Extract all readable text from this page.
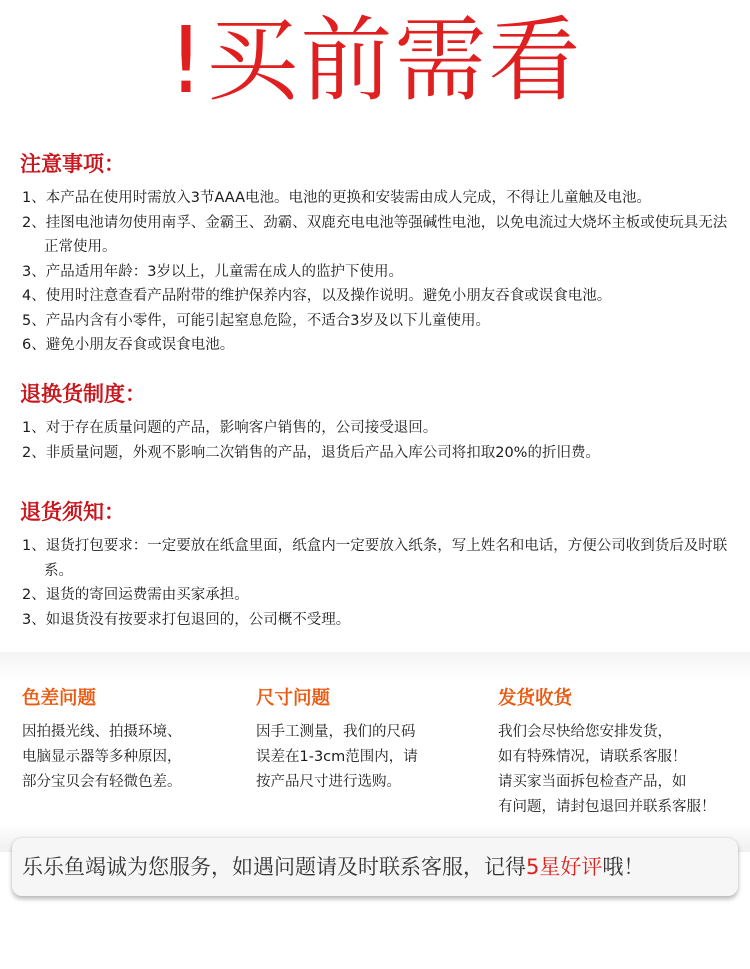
!买前需看
注意事项：
1、本产品在使用时需放入3节AAA电池。电池的更换和安装需由成人完成，不得让儿童触及电池。
2、挂图电池请勿使用南孚、金霸王、劲霸、双鹿充电电池等强碱性电池，以免电流过大烧坏主板或使玩具无法正常使用。
3、产品适用年龄：3岁以上，儿童需在成人的监护下使用。
4、使用时注意查看产品附带的维护保养内容，以及操作说明。避免小朋友吞食或误食电池。
5、产品内含有小零件，可能引起窒息危险，不适合3岁及以下儿童使用。
6、避免小朋友吞食或误食电池。
退换货制度：
1、对于存在质量问题的产品，影响客户销售的，公司接受退回。
2、非质量问题，外观不影响二次销售的产品，退货后产品入库公司将扣取20%的折旧费。
退货须知：
1、退货打包要求：一定要放在纸盒里面，纸盒内一定要放入纸条，写上姓名和电话，方便公司收到货后及时联系。
2、退货的寄回运费需由买家承担。
3、如退货没有按要求打包退回的，公司概不受理。
色差问题

因拍摄光线、拍摄环境、
电脑显示器等多种原因，
部分宝贝会有轻微色差。

尺寸问题

因手工测量，我们的尺码
误差在1-3cm范围内，请
按产品尺寸进行选购。

发货收货

我们会尽快给您安排发货，
如有特殊情况，请联系客服！
请买家当面拆包检查产品，如
有问题，请封包退回并联系客服！

乐乐鱼竭诚为您服务，如遇问题请及时联系客服，记得5星好评哦！
